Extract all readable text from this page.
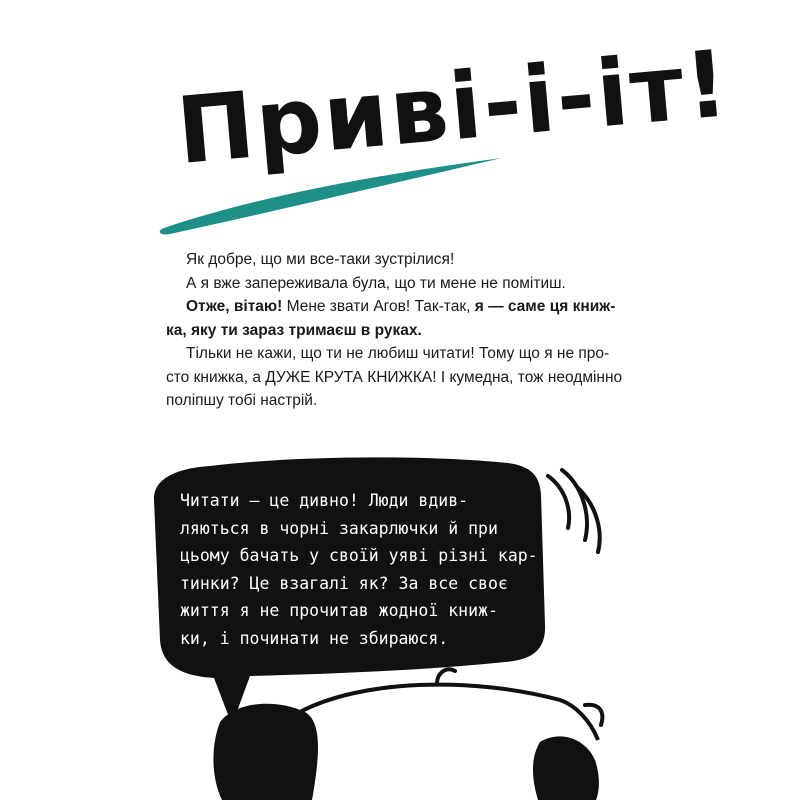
Приві-і-іт!

Як добре, що ми все-таки зустрілися!

А я вже запереживала була, що ти мене не помітиш.

Отже, вітаю! Мене звати Агов! Так-так, я — саме ця книж-

ка, яку ти зараз тримаєш в руках.

Тільки не кажи, що ти не любиш читати! Тому що я не про-

сто книжка, а ДУЖЕ КРУТА КНИЖКА! І кумедна, тож неодмінно

поліпшу тобі настрій.

Читати — це дивно! Люди вдив-
ляються в чорні закарлючки й при
цьому бачать у своїй уяві різні кар-
тинки? Це взагалі як? За все своє
життя я не прочитав жодної книж-
ки, і починати не збираюся.
